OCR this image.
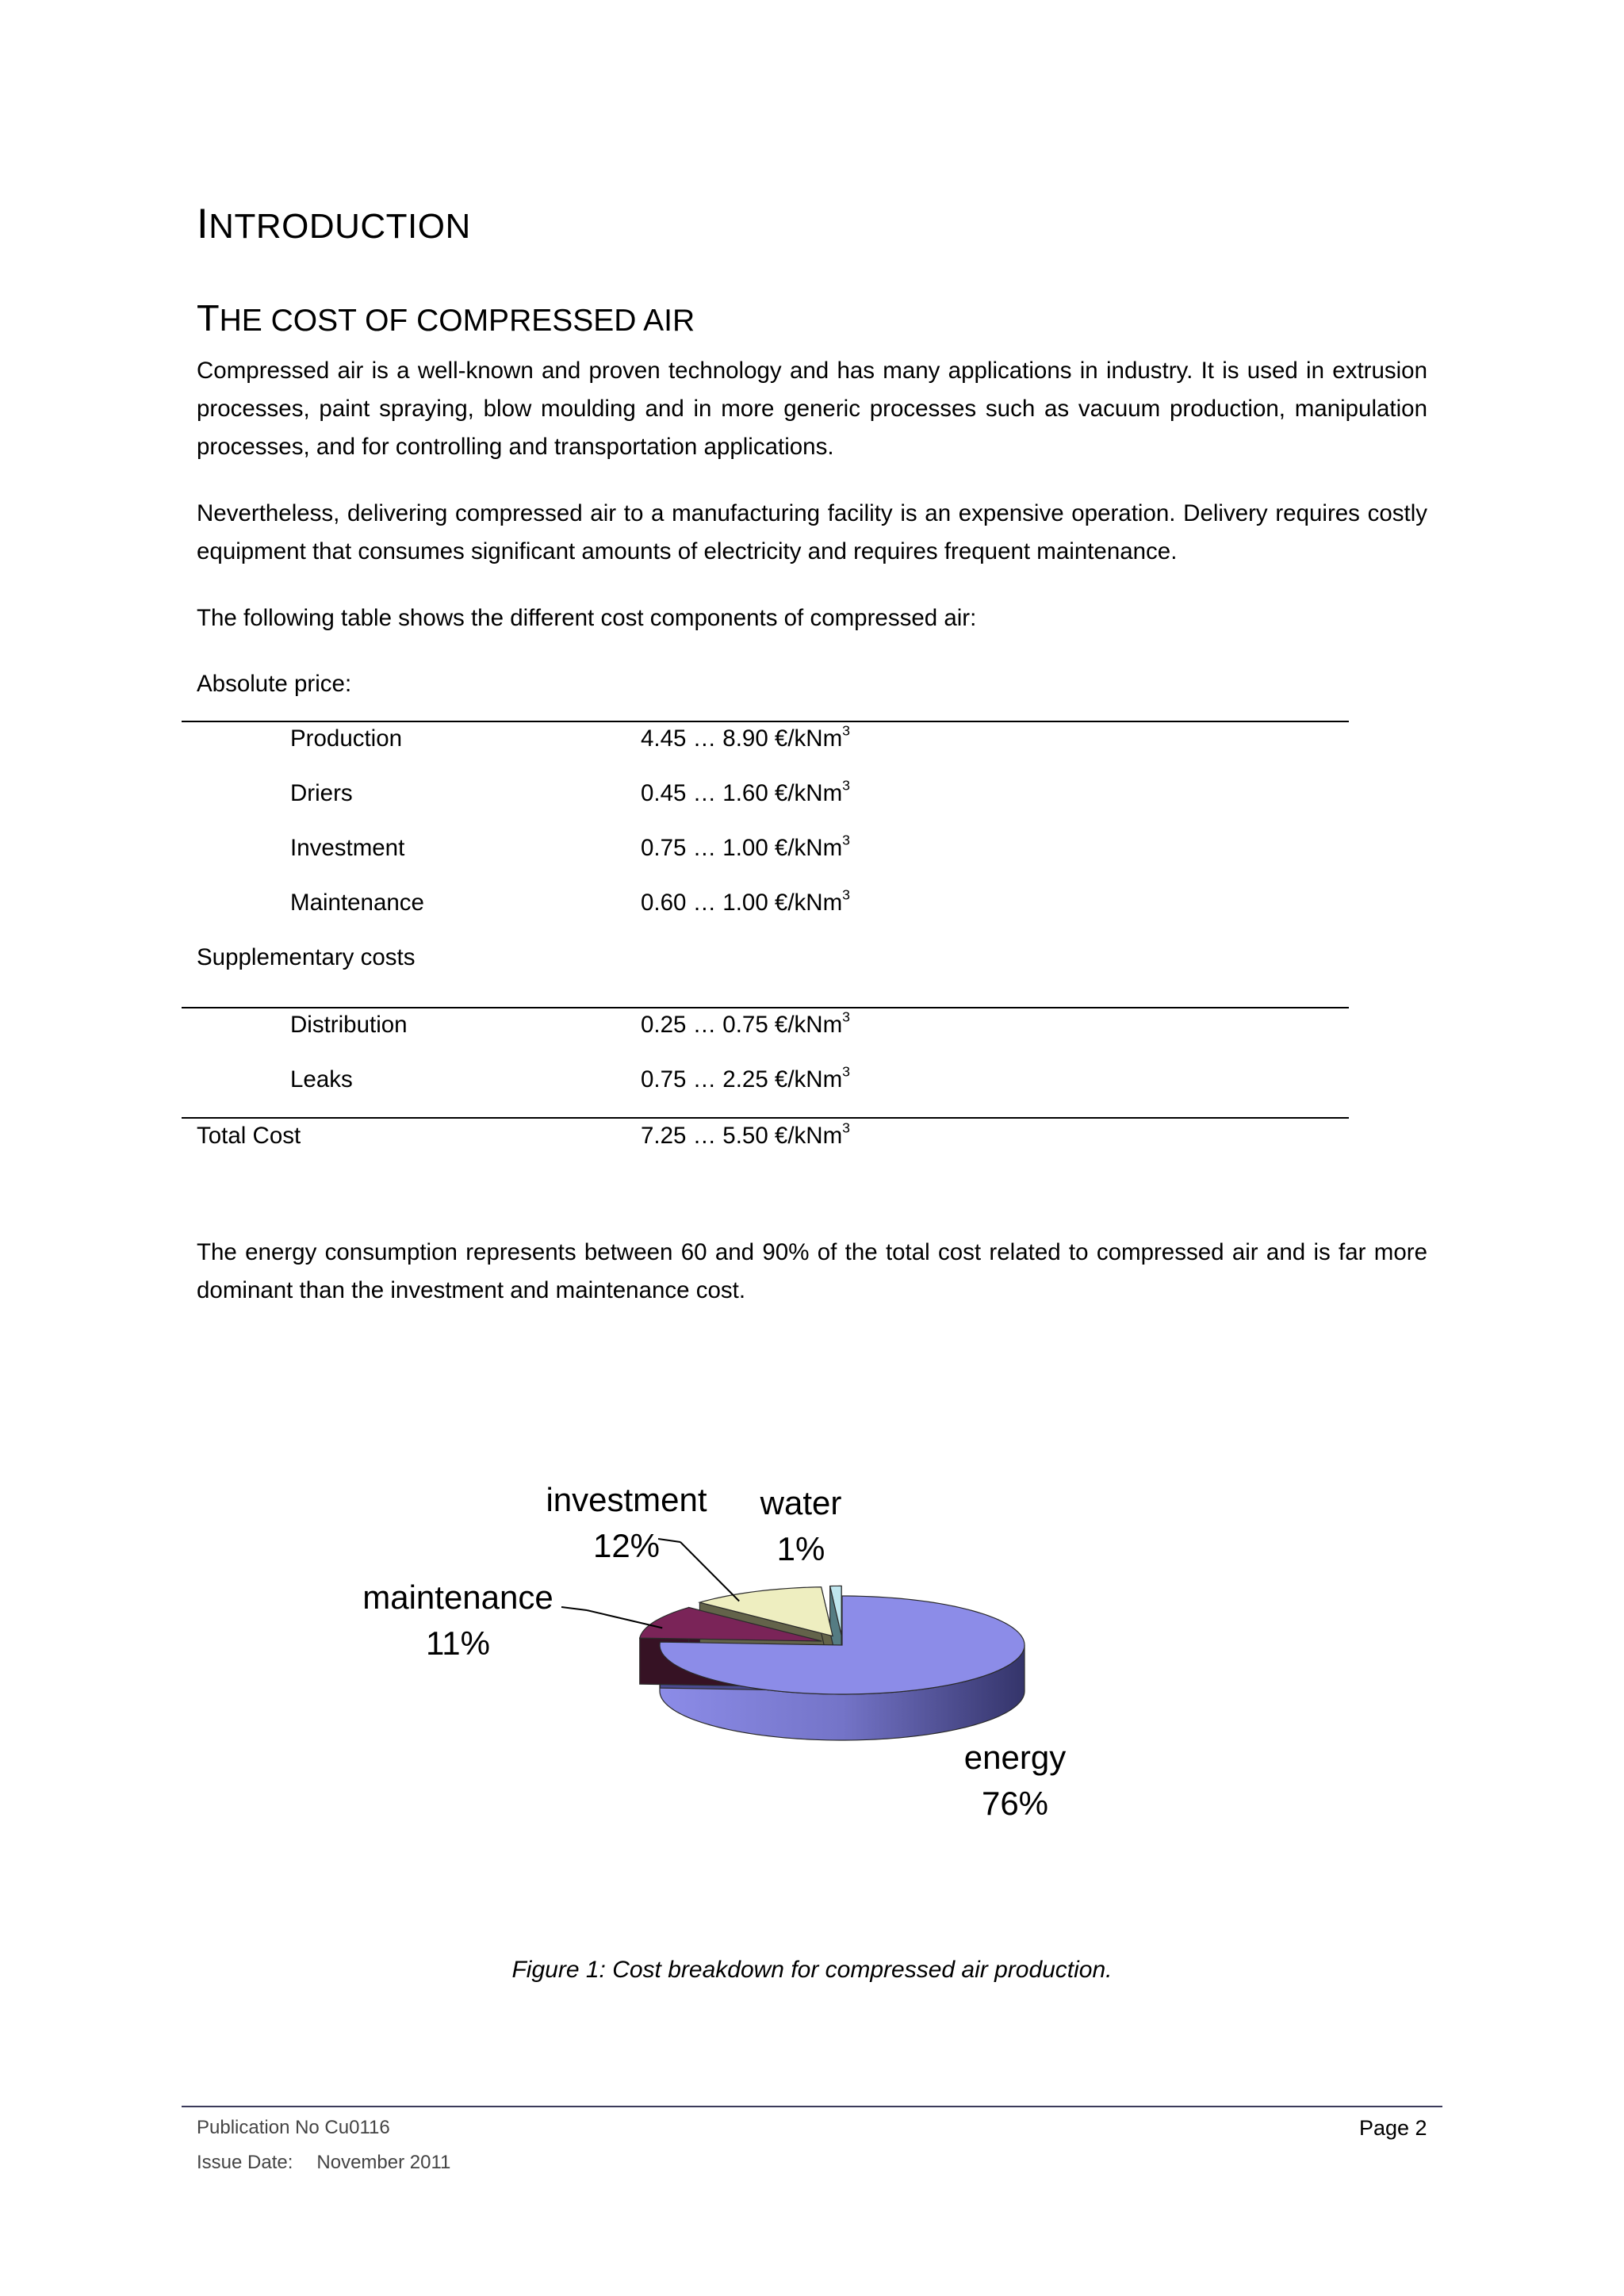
INTRODUCTION
THE COST OF COMPRESSED AIR

Compressed air is a well-known and proven technology and has many applications in industry. It is used in extrusion processes, paint spraying, blow moulding and in more generic processes such as vacuum production, manipulation processes, and for controlling and transportation applications.

Nevertheless, delivering compressed air to a manufacturing facility is an expensive operation. Delivery requires costly equipment that consumes significant amounts of electricity and requires frequent maintenance.

The following table shows the different cost components of compressed air:

Absolute price:

Production	4.45 … 8.90 €/kNm$^3$
Driers	0.45 … 1.60 €/kNm$^3$
Investment	0.75 … 1.00 €/kNm$^3$
Maintenance	0.60 … 1.00 €/kNm$^3$
Supplementary costs
Distribution	0.25 … 0.75 €/kNm$^3$
Leaks	0.75 … 2.25 €/kNm$^3$
Total Cost	7.25 … 5.50 €/kNm$^3$

The energy consumption represents between 60 and 90% of the total cost related to compressed air and is far more dominant than the investment and maintenance cost.

investment
12%
water
1%
maintenance
11%
energy
76%
Figure 1: Cost breakdown for compressed air production.
Publication No Cu0116
Issue Date: November 2011
Page 2
